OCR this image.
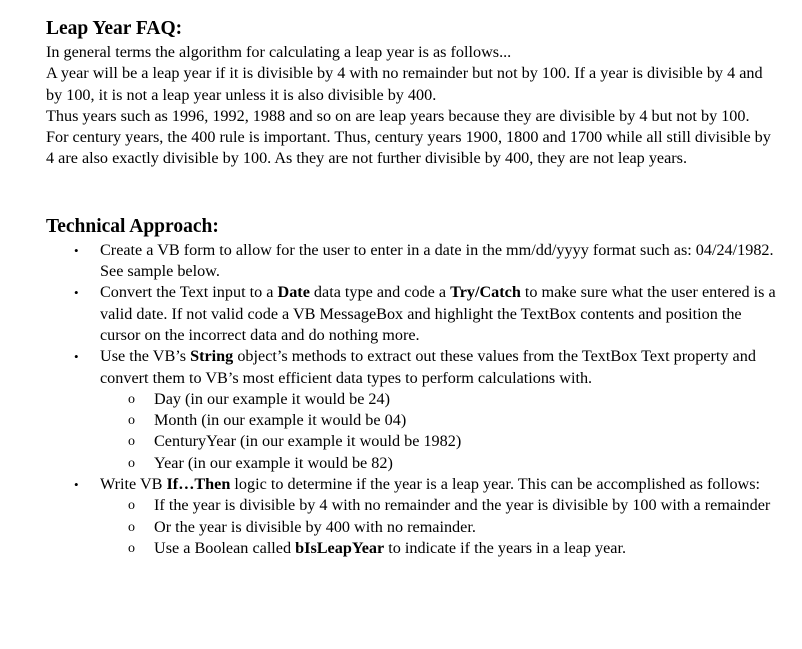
Leap Year FAQ:

In general terms the algorithm for calculating a leap year is as follows...

A year will be a leap year if it is divisible by 4 with no remainder but not by 100. If a year is divisible by 4 and by 100, it is not a leap year unless it is also divisible by 400.

Thus years such as 1996, 1992, 1988 and so on are leap years because they are divisible by 4 but not by 100. For century years, the 400 rule is important. Thus, century years 1900, 1800 and 1700 while all still divisible by 4 are also exactly divisible by 100. As they are not further divisible by 400, they are not leap years.

Technical Approach:
• Create a VB form to allow for the user to enter in a date in the mm/dd/yyyy format such as: 04/24/1982. See sample below.
• Convert the Text input to a Date data type and code a Try/Catch to make sure what the user entered is a valid date. If not valid code a VB MessageBox and highlight the TextBox contents and position the cursor on the incorrect data and do nothing more.
• Use the VB’s String object’s methods to extract out these values from the TextBox Text property and convert them to VB’s most efficient data types to perform calculations with.
o Day (in our example it would be 24)
o Month (in our example it would be 04)
o CenturyYear (in our example it would be 1982)
o Year (in our example it would be 82)
• Write VB If…Then logic to determine if the year is a leap year. This can be accomplished as follows:
o If the year is divisible by 4 with no remainder and the year is divisible by 100 with a remainder
o Or the year is divisible by 400 with no remainder.
o Use a Boolean called bIsLeapYear to indicate if the years in a leap year.
